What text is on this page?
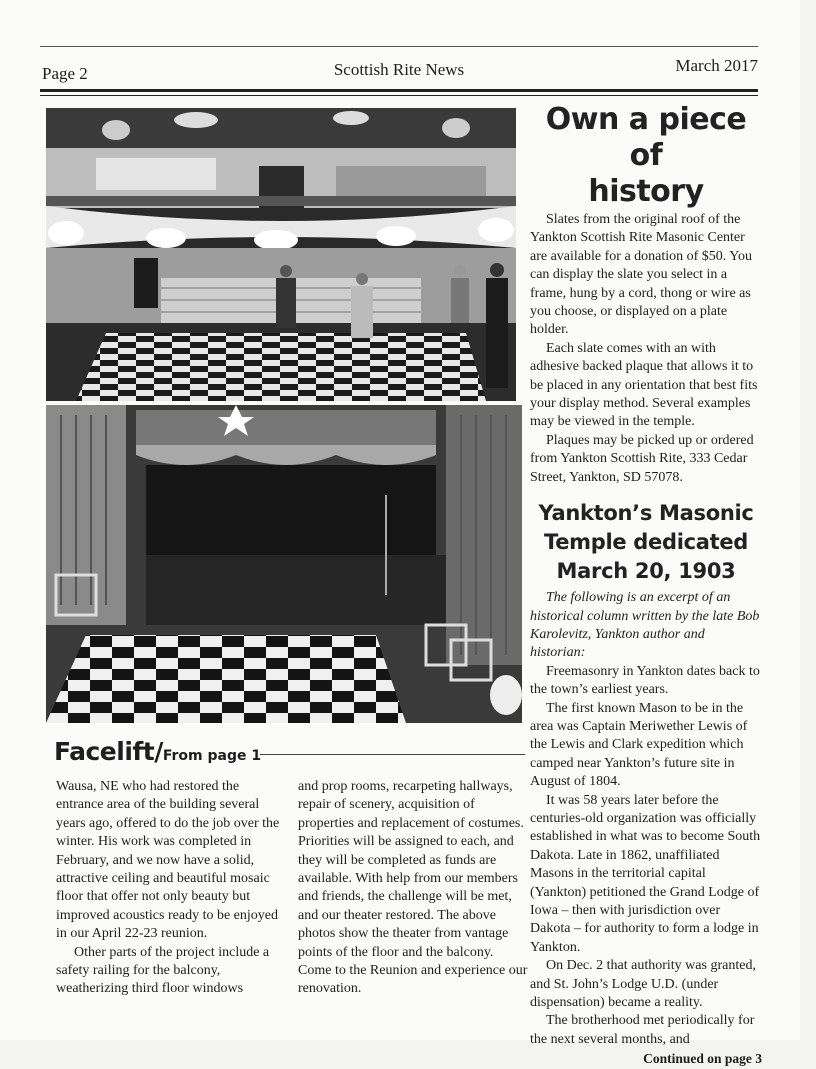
Page 2	Scottish Rite News	March 2017
Own a piece of
history

Slates from the original roof of the Yankton Scottish Rite Masonic Center are available for a donation of $50. You can display the slate you select in a frame, hung by a cord, thong or wire as you choose, or displayed on a plate holder.

Each slate comes with an with adhesive backed plaque that allows it to be placed in any orientation that best fits your display method. Several examples may be viewed in the temple.

Plaques may be picked up or ordered from Yankton Scottish Rite, 333 Cedar Street, Yankton, SD 57078.

Yankton’s Masonic
Temple dedicated
March 20, 1903

The following is an excerpt of an historical column written by the late Bob Karolevitz, Yankton author and historian:

Freemasonry in Yankton dates back to the town’s earliest years.

The first known Mason to be in the area was Captain Meriwether Lewis of the Lewis and Clark expedition which camped near Yankton’s future site in August of 1804.

It was 58 years later before the centuries-old organization was officially established in what was to become South Dakota. Late in 1862, unaffiliated Masons in the territorial capital (Yankton) petitioned the Grand Lodge of Iowa – then with jurisdiction over Dakota – for authority to form a lodge in Yankton.

On Dec. 2 that authority was granted, and St. John’s Lodge U.D. (under dispensation) became a reality.

The brotherhood met periodically for the next several months, and

Continued on page 3
Facelift/From page 1

Wausa, NE who had restored the entrance area of the building several years ago, offered to do the job over the winter. His work was completed in February, and we now have a solid, attractive ceiling and beautiful mosaic floor that offer not only beauty but improved acoustics ready to be enjoyed in our April 22-23 reunion.

Other parts of the project include a safety railing for the balcony, weatherizing third floor windows

and prop rooms, recarpeting hallways, repair of scenery, acquisition of properties and replacement of costumes. Priorities will be assigned to each, and they will be completed as funds are available. With help from our members and friends, the challenge will be met, and our theater restored. The above photos show the theater from vantage points of the floor and the balcony. Come to the Reunion and experience our renovation.
